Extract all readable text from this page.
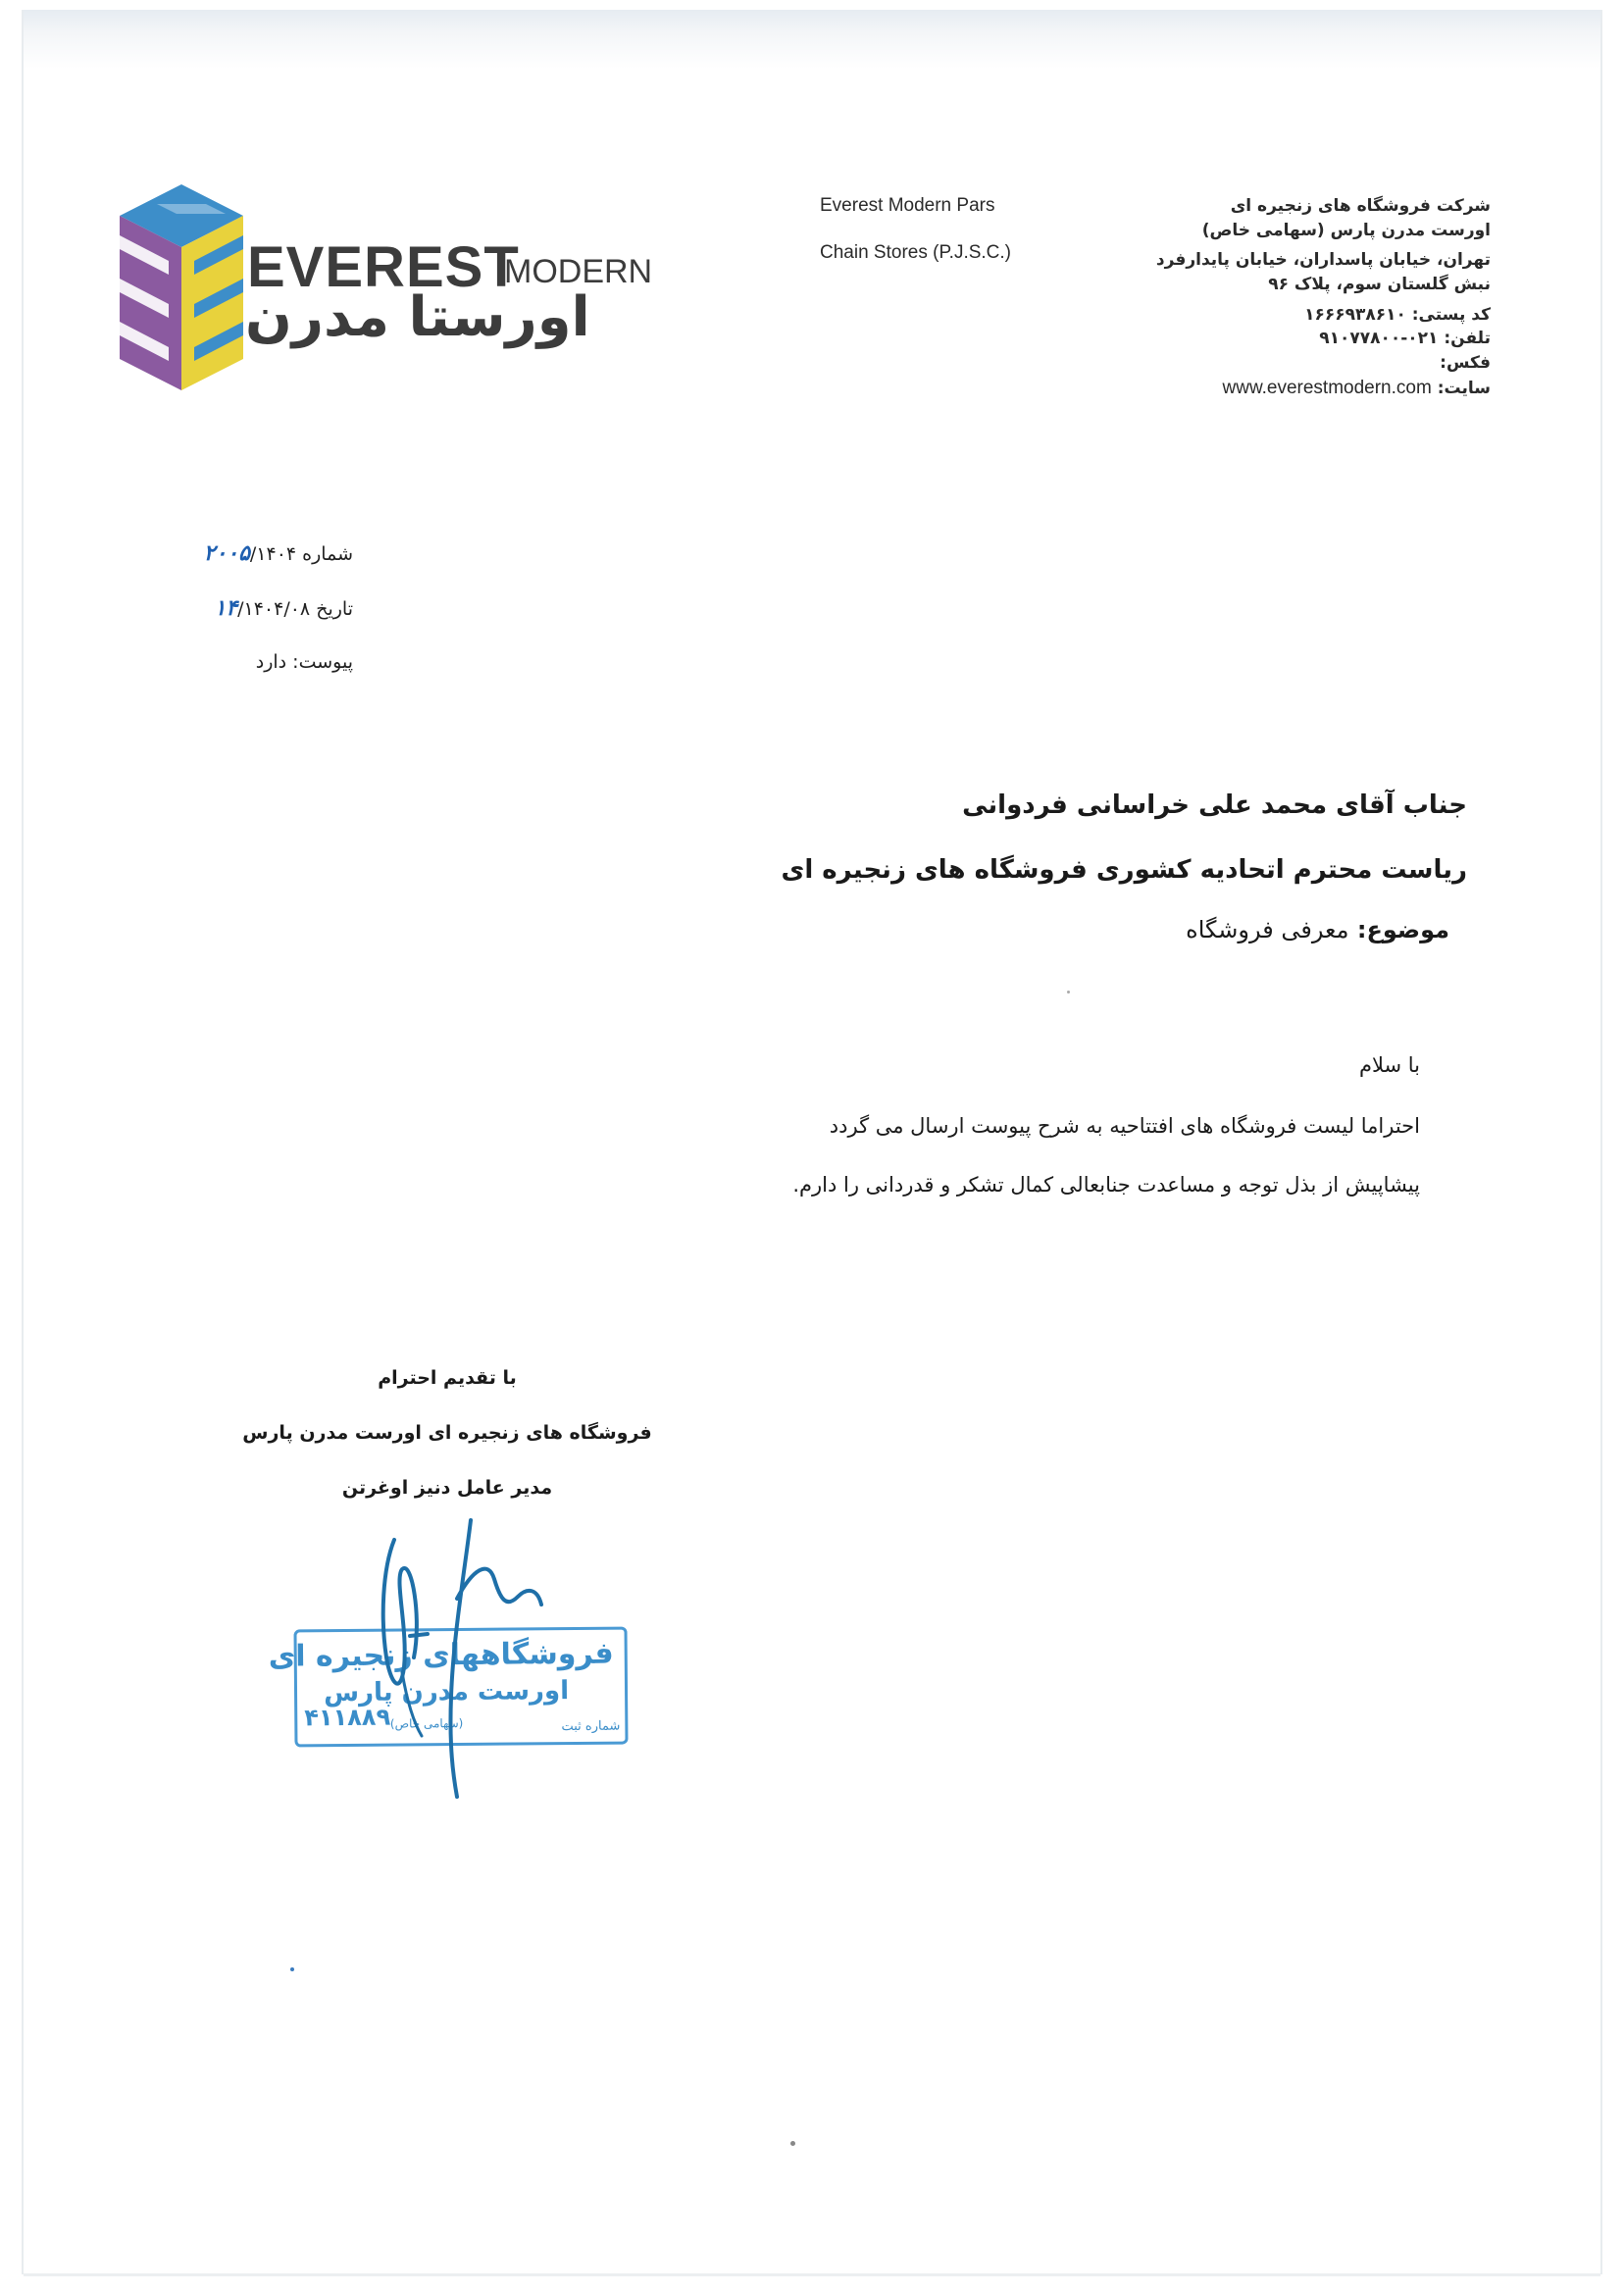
EVEREST
MODERN
اورستا مدرن
Everest Modern Pars
Chain Stores (P.J.S.C.)
شرکت فروشگاه های زنجیره ای
اورست مدرن پارس (سهامی خاص)
تهران، خیابان پاسداران، خیابان پایدارفرد
نبش گلستان سوم، پلاک ۹۶
کد پستی: ۱۶۶۶۹۳۸۶۱۰
تلفن: ۰۲۱-۹۱۰۷۷۸۰۰
فکس:
سایت: www.everestmodern.com
شماره ۲۰۰۵/۱۴۰۴
تاریخ ۱۴/۱۴۰۴/۰۸
پیوست: دارد
جناب آقای محمد علی خراسانی فردوانی
ریاست محترم اتحادیه کشوری فروشگاه های زنجیره ای
موضوع: معرفی فروشگاه
با سلام
احتراما لیست فروشگاه های افتتاحیه به شرح پیوست ارسال می گردد
پیشاپیش از بذل توجه و مساعدت جنابعالی کمال تشکر و قدردانی را دارم.
با تقدیم احترام
فروشگاه های زنجیره ای اورست مدرن پارس
مدیر عامل دنیز اوغرتن
فروشگاههای زنجیره ای
اورست مدرن پارس
(سهامی خاص)	شماره ثبت
۴۱۱۸۸۹
